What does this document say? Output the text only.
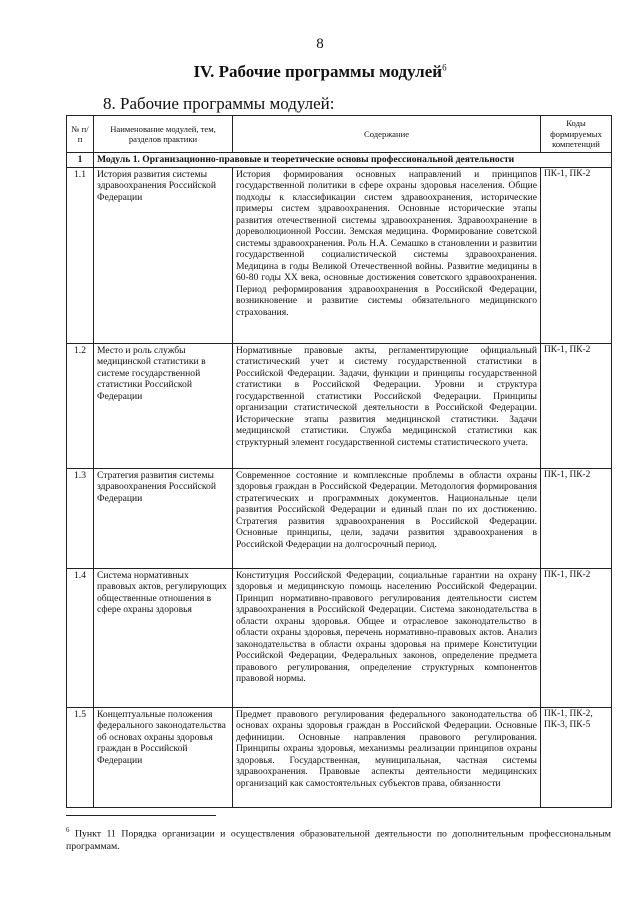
8
IV. Рабочие программы модулей$^6$
8. Рабочие программы модулей:
№ п/п	Наименование модулей, тем, разделов практики	Содержание	Коды формируемых компетенций
1	Модуль 1. Организационно-правовые и теоретические основы профессиональной деятельности		
1.1	История развития системы здравоохранения Российской Федерации	История формирования основных направлений и принципов государственной политики в сфере охраны здоровья населения. Общие подходы к классификации систем здравоохранения, исторические примеры систем здравоохранения. Основные исторические этапы развития отечественной системы здравоохранения. Здравоохранение в дореволюционной России. Земская медицина. Формирование советской системы здравоохранения. Роль Н.А. Семашко в становлении и развитии государственной социалистической системы здравоохранения. Медицина в годы Великой Отечественной войны. Развитие медицины в 60-80 годы XX века, основные достижения советского здравоохранения. Период реформирования здравоохранения в Российской Федерации, возникновение и развитие системы обязательного медицинского страхования.	ПК-1, ПК-2
1.2	Место и роль службы медицинской статистики в системе государственной статистики Российской Федерации	Нормативные правовые акты, регламентирующие официальный статистический учет и систему государственной статистики в Российской Федерации. Задачи, функции и принципы государственной статистики в Российской Федерации. Уровни и структура государственной статистики Российской Федерации. Принципы организации статистической деятельности в Российской Федерации. Исторические этапы развития медицинской статистики. Задачи медицинской статистики. Служба медицинской статистики как структурный элемент государственной системы статистического учета.	ПК-1, ПК-2
1.3	Стратегия развития системы здравоохранения Российской Федерации	Современное состояние и комплексные проблемы в области охраны здоровья граждан в Российской Федерации. Методология формирования стратегических и программных документов. Национальные цели развития Российской Федерации и единый план по их достижению. Стратегия развития здравоохранения в Российской Федерации. Основные принципы, цели, задачи развития здравоохранения в Российской Федерации на долгосрочный период.	ПК-1, ПК-2
1.4	Система нормативных правовых актов, регулирующих общественные отношения в сфере охраны здоровья	Конституция Российской Федерации, социальные гарантии на охрану здоровья и медицинскую помощь населению Российской Федерации. Принцип нормативно-правового регулирования деятельности систем здравоохранения в Российской Федерации. Система законодательства в области охраны здоровья. Общее и отраслевое законодательство в области охраны здоровья, перечень нормативно-правовых актов. Анализ законодательства в области охраны здоровья на примере Конституции Российской Федерации, Федеральных законов, определение предмета правового регулирования, определение структурных компонентов правовой нормы.	ПК-1, ПК-2
1.5	Концептуальные положения федерального законодательства об основах охраны здоровья граждан в Российской Федерации	Предмет правового регулирования федерального законодательства об основах охраны здоровья граждан в Российской Федерации. Основные дефиниции. Основные направления правового регулирования. Принципы охраны здоровья, механизмы реализации принципов охраны здоровья. Государственная, муниципальная, частная системы здравоохранения. Правовые аспекты деятельности медицинских организаций как самостоятельных субъектов права, обязанности	ПК-1, ПК-2, ПК-3, ПК-5
$^6$ Пункт 11 Порядка организации и осуществления образовательной деятельности по дополнительным профессиональным программам.
